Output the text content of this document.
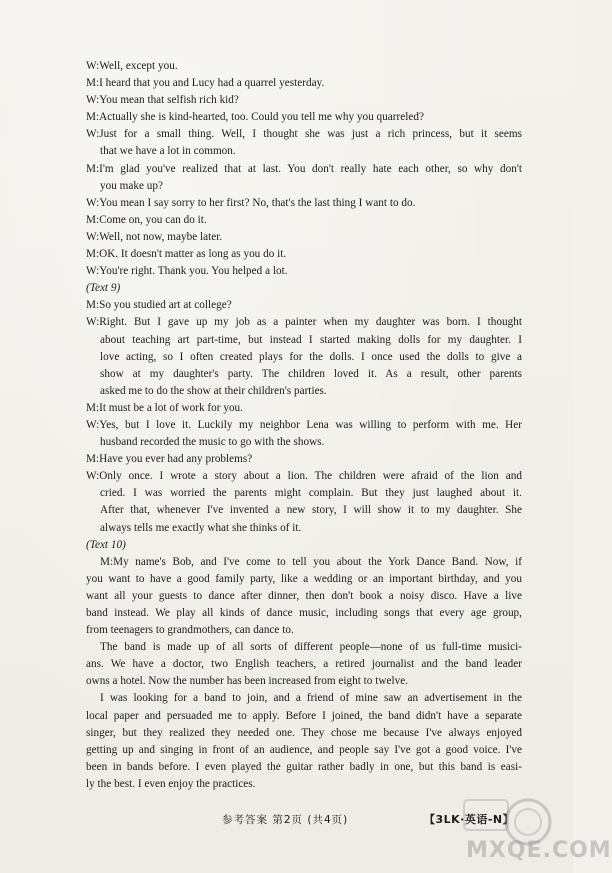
W:Well, except you.
M:I heard that you and Lucy had a quarrel yesterday.
W:You mean that selfish rich kid?
M:Actually she is kind-hearted, too. Could you tell me why you quarreled?
W:Just for a small thing. Well, I thought she was just a rich princess, but it seems
that we have a lot in common.
M:I'm glad you've realized that at last. You don't really hate each other, so why don't
you make up?
W:You mean I say sorry to her first? No, that's the last thing I want to do.
M:Come on, you can do it.
W:Well, not now, maybe later.
M:OK. It doesn't matter as long as you do it.
W:You're right. Thank you. You helped a lot.
(Text 9)
M:So you studied art at college?
W:Right. But I gave up my job as a painter when my daughter was born. I thought
about teaching art part-time, but instead I started making dolls for my daughter. I
love acting, so I often created plays for the dolls. I once used the dolls to give a
show at my daughter's party. The children loved it. As a result, other parents
asked me to do the show at their children's parties.
M:It must be a lot of work for you.
W:Yes, but I love it. Luckily my neighbor Lena was willing to perform with me. Her
husband recorded the music to go with the shows.
M:Have you ever had any problems?
W:Only once. I wrote a story about a lion. The children were afraid of the lion and
cried. I was worried the parents might complain. But they just laughed about it.
After that, whenever I've invented a new story, I will show it to my daughter. She
always tells me exactly what she thinks of it.
(Text 10)
M:My name's Bob, and I've come to tell you about the York Dance Band. Now, if
you want to have a good family party, like a wedding or an important birthday, and you
want all your guests to dance after dinner, then don't book a noisy disco. Have a live
band instead. We play all kinds of dance music, including songs that every age group,
from teenagers to grandmothers, can dance to.
The band is made up of all sorts of different people—none of us full-time musici-
ans. We have a doctor, two English teachers, a retired journalist and the band leader
owns a hotel. Now the number has been increased from eight to twelve.
I was looking for a band to join, and a friend of mine saw an advertisement in the
local paper and persuaded me to apply. Before I joined, the band didn't have a separate
singer, but they realized they needed one. They chose me because I've always enjoyed
getting up and singing in front of an audience, and people say I've got a good voice. I've
been in bands before. I even played the guitar rather badly in one, but this band is easi-
ly the best. I even enjoy the practices.
参考答案 第2页 (共4页)	【3LK·英语-N】
MXQE.COM
